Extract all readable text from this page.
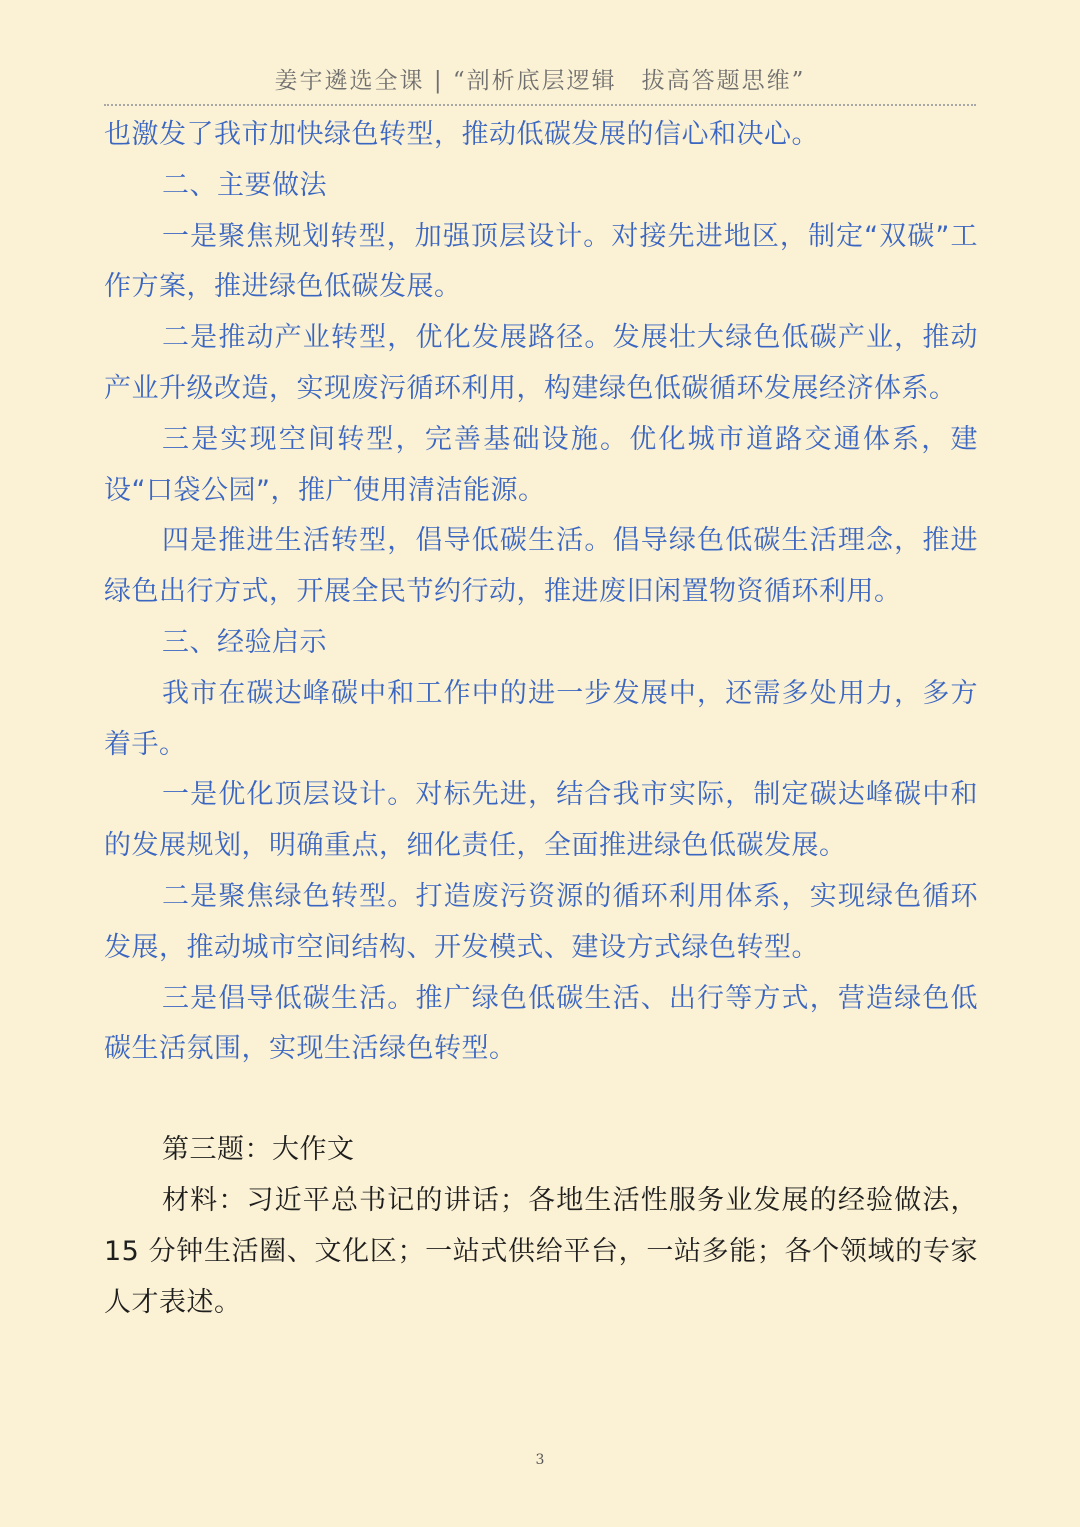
姜宇遴选全课 | “剖析底层逻辑　拔高答题思维”

也激发了我市加快绿色转型，推动低碳发展的信心和决心。

二、主要做法

一是聚焦规划转型，加强顶层设计。对接先进地区，制定“双碳”工作方案，推进绿色低碳发展。

二是推动产业转型，优化发展路径。发展壮大绿色低碳产业，推动产业升级改造，实现废污循环利用，构建绿色低碳循环发展经济体系。

三是实现空间转型，完善基础设施。优化城市道路交通体系，建设“口袋公园”，推广使用清洁能源。

四是推进生活转型，倡导低碳生活。倡导绿色低碳生活理念，推进绿色出行方式，开展全民节约行动，推进废旧闲置物资循环利用。

三、经验启示

我市在碳达峰碳中和工作中的进一步发展中，还需多处用力，多方着手。

一是优化顶层设计。对标先进，结合我市实际，制定碳达峰碳中和的发展规划，明确重点，细化责任，全面推进绿色低碳发展。

二是聚焦绿色转型。打造废污资源的循环利用体系，实现绿色循环发展，推动城市空间结构、开发模式、建设方式绿色转型。

三是倡导低碳生活。推广绿色低碳生活、出行等方式，营造绿色低碳生活氛围，实现生活绿色转型。

第三题：大作文

材料：习近平总书记的讲话；各地生活性服务业发展的经验做法，15 分钟生活圈、文化区；一站式供给平台，一站多能；各个领域的专家人才表述。

3
